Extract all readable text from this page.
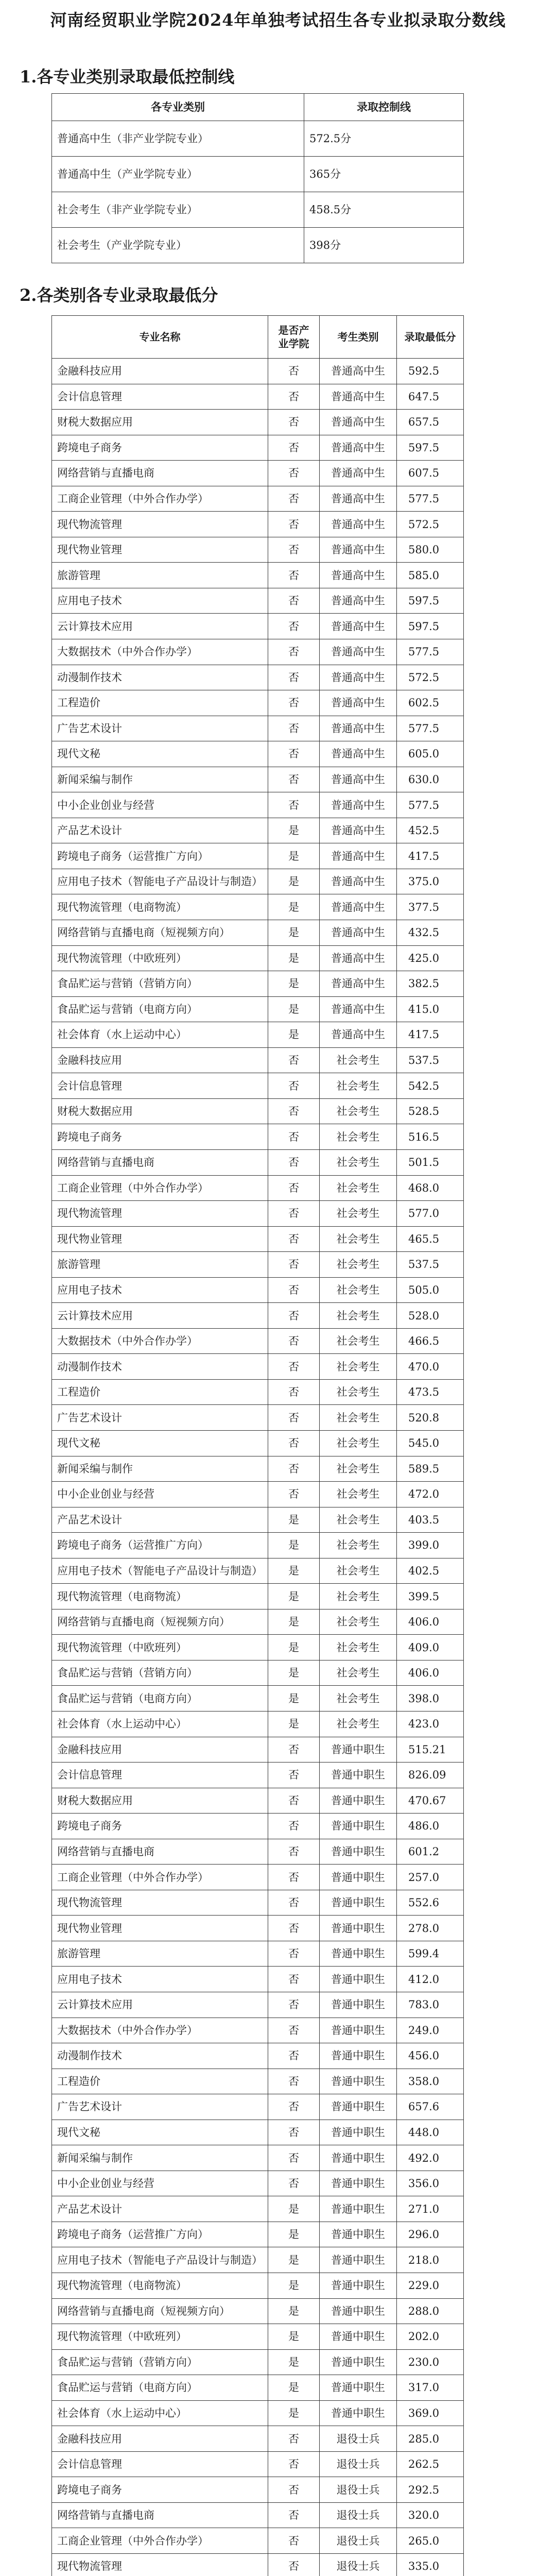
河南经贸职业学院2024年单独考试招生各专业拟录取分数线
1.各专业类别录取最低控制线
各专业类别	录取控制线
普通高中生（非产业学院专业）	572.5分
普通高中生（产业学院专业）	365分
社会考生（非产业学院专业）	458.5分
社会考生（产业学院专业）	398分
2.各类别各专业录取最低分
专业名称	是否产业学院	考生类别	录取最低分
金融科技应用	否	普通高中生	592.5
会计信息管理	否	普通高中生	647.5
财税大数据应用	否	普通高中生	657.5
跨境电子商务	否	普通高中生	597.5
网络营销与直播电商	否	普通高中生	607.5
工商企业管理（中外合作办学）	否	普通高中生	577.5
现代物流管理	否	普通高中生	572.5
现代物业管理	否	普通高中生	580.0
旅游管理	否	普通高中生	585.0
应用电子技术	否	普通高中生	597.5
云计算技术应用	否	普通高中生	597.5
大数据技术（中外合作办学）	否	普通高中生	577.5
动漫制作技术	否	普通高中生	572.5
工程造价	否	普通高中生	602.5
广告艺术设计	否	普通高中生	577.5
现代文秘	否	普通高中生	605.0
新闻采编与制作	否	普通高中生	630.0
中小企业创业与经营	否	普通高中生	577.5
产品艺术设计	是	普通高中生	452.5
跨境电子商务（运营推广方向）	是	普通高中生	417.5
应用电子技术（智能电子产品设计与制造）	是	普通高中生	375.0
现代物流管理（电商物流）	是	普通高中生	377.5
网络营销与直播电商（短视频方向）	是	普通高中生	432.5
现代物流管理（中欧班列）	是	普通高中生	425.0
食品贮运与营销（营销方向）	是	普通高中生	382.5
食品贮运与营销（电商方向）	是	普通高中生	415.0
社会体育（水上运动中心）	是	普通高中生	417.5
金融科技应用	否	社会考生	537.5
会计信息管理	否	社会考生	542.5
财税大数据应用	否	社会考生	528.5
跨境电子商务	否	社会考生	516.5
网络营销与直播电商	否	社会考生	501.5
工商企业管理（中外合作办学）	否	社会考生	468.0
现代物流管理	否	社会考生	577.0
现代物业管理	否	社会考生	465.5
旅游管理	否	社会考生	537.5
应用电子技术	否	社会考生	505.0
云计算技术应用	否	社会考生	528.0
大数据技术（中外合作办学）	否	社会考生	466.5
动漫制作技术	否	社会考生	470.0
工程造价	否	社会考生	473.5
广告艺术设计	否	社会考生	520.8
现代文秘	否	社会考生	545.0
新闻采编与制作	否	社会考生	589.5
中小企业创业与经营	否	社会考生	472.0
产品艺术设计	是	社会考生	403.5
跨境电子商务（运营推广方向）	是	社会考生	399.0
应用电子技术（智能电子产品设计与制造）	是	社会考生	402.5
现代物流管理（电商物流）	是	社会考生	399.5
网络营销与直播电商（短视频方向）	是	社会考生	406.0
现代物流管理（中欧班列）	是	社会考生	409.0
食品贮运与营销（营销方向）	是	社会考生	406.0
食品贮运与营销（电商方向）	是	社会考生	398.0
社会体育（水上运动中心）	是	社会考生	423.0
金融科技应用	否	普通中职生	515.21
会计信息管理	否	普通中职生	826.09
财税大数据应用	否	普通中职生	470.67
跨境电子商务	否	普通中职生	486.0
网络营销与直播电商	否	普通中职生	601.2
工商企业管理（中外合作办学）	否	普通中职生	257.0
现代物流管理	否	普通中职生	552.6
现代物业管理	否	普通中职生	278.0
旅游管理	否	普通中职生	599.4
应用电子技术	否	普通中职生	412.0
云计算技术应用	否	普通中职生	783.0
大数据技术（中外合作办学）	否	普通中职生	249.0
动漫制作技术	否	普通中职生	456.0
工程造价	否	普通中职生	358.0
广告艺术设计	否	普通中职生	657.6
现代文秘	否	普通中职生	448.0
新闻采编与制作	否	普通中职生	492.0
中小企业创业与经营	否	普通中职生	356.0
产品艺术设计	是	普通中职生	271.0
跨境电子商务（运营推广方向）	是	普通中职生	296.0
应用电子技术（智能电子产品设计与制造）	是	普通中职生	218.0
现代物流管理（电商物流）	是	普通中职生	229.0
网络营销与直播电商（短视频方向）	是	普通中职生	288.0
现代物流管理（中欧班列）	是	普通中职生	202.0
食品贮运与营销（营销方向）	是	普通中职生	230.0
食品贮运与营销（电商方向）	是	普通中职生	317.0
社会体育（水上运动中心）	是	普通中职生	369.0
金融科技应用	否	退役士兵	285.0
会计信息管理	否	退役士兵	262.5
跨境电子商务	否	退役士兵	292.5
网络营销与直播电商	否	退役士兵	320.0
工商企业管理（中外合作办学）	否	退役士兵	265.0
现代物流管理	否	退役士兵	335.0
